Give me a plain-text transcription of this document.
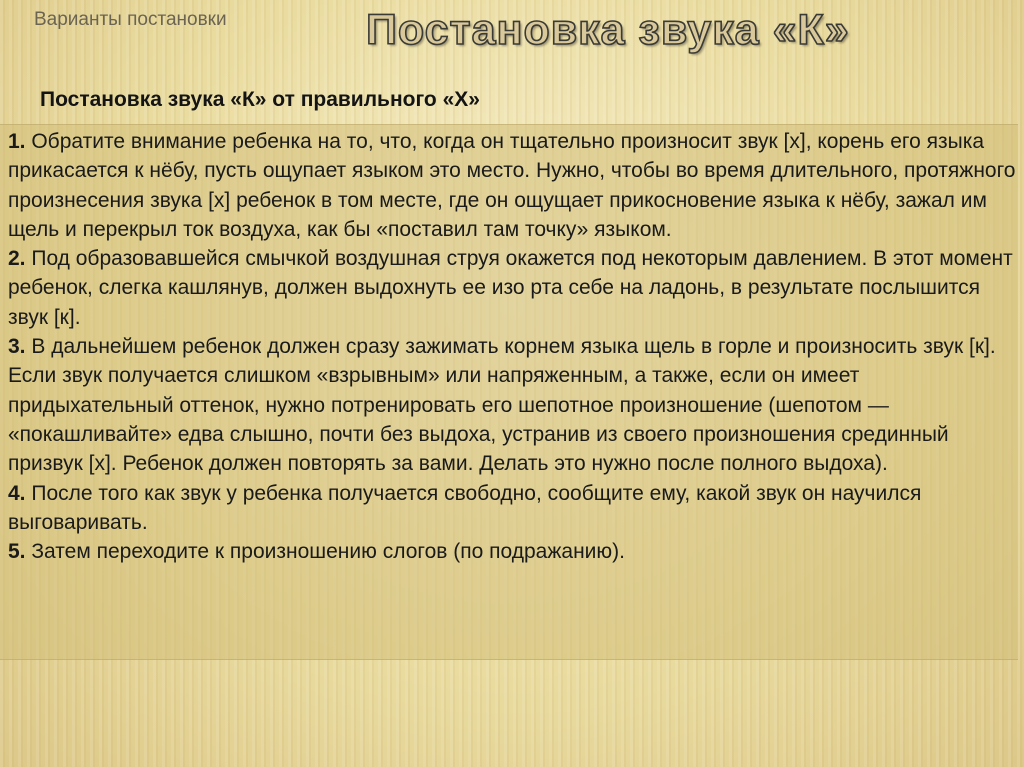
Варианты постановки	Постановка звука «К»
Постановка звука «К» от правильного «Х»
1. Обратите внимание ребенка на то, что, когда он тщательно произносит звук [х], корень его языка прикасается к нёбу, пусть ощупает языком это место. Нужно, чтобы во время длительного, протяжного произнесения звука [х] ребенок в том месте, где он ощущает прикосновение языка к нёбу, зажал им щель и перекрыл ток воздуха, как бы «поставил там точку» языком.
2. Под образовавшейся смычкой воздушная струя окажется под некоторым давлением. В этот момент ребенок, слегка кашлянув, должен выдохнуть ее изо рта себе на ладонь, в результате послышится звук [к].
3. В дальнейшем ребенок должен сразу зажимать корнем языка щель в горле и произносить звук [к]. Если звук получается слишком «взрывным» или напряженным, а также, если он имеет придыхательный оттенок, нужно потренировать его шепотное произношение (шепотом — «покашливайте» едва слышно, почти без выдоха, устранив из своего произношения срединный призвук [х]. Ребенок должен повторять за вами. Делать это нужно после полного выдоха).
4. После того как звук у ребенка получается свободно, сообщите ему, какой звук он научился выговаривать.
5. Затем переходите к произношению слогов (по подражанию).
